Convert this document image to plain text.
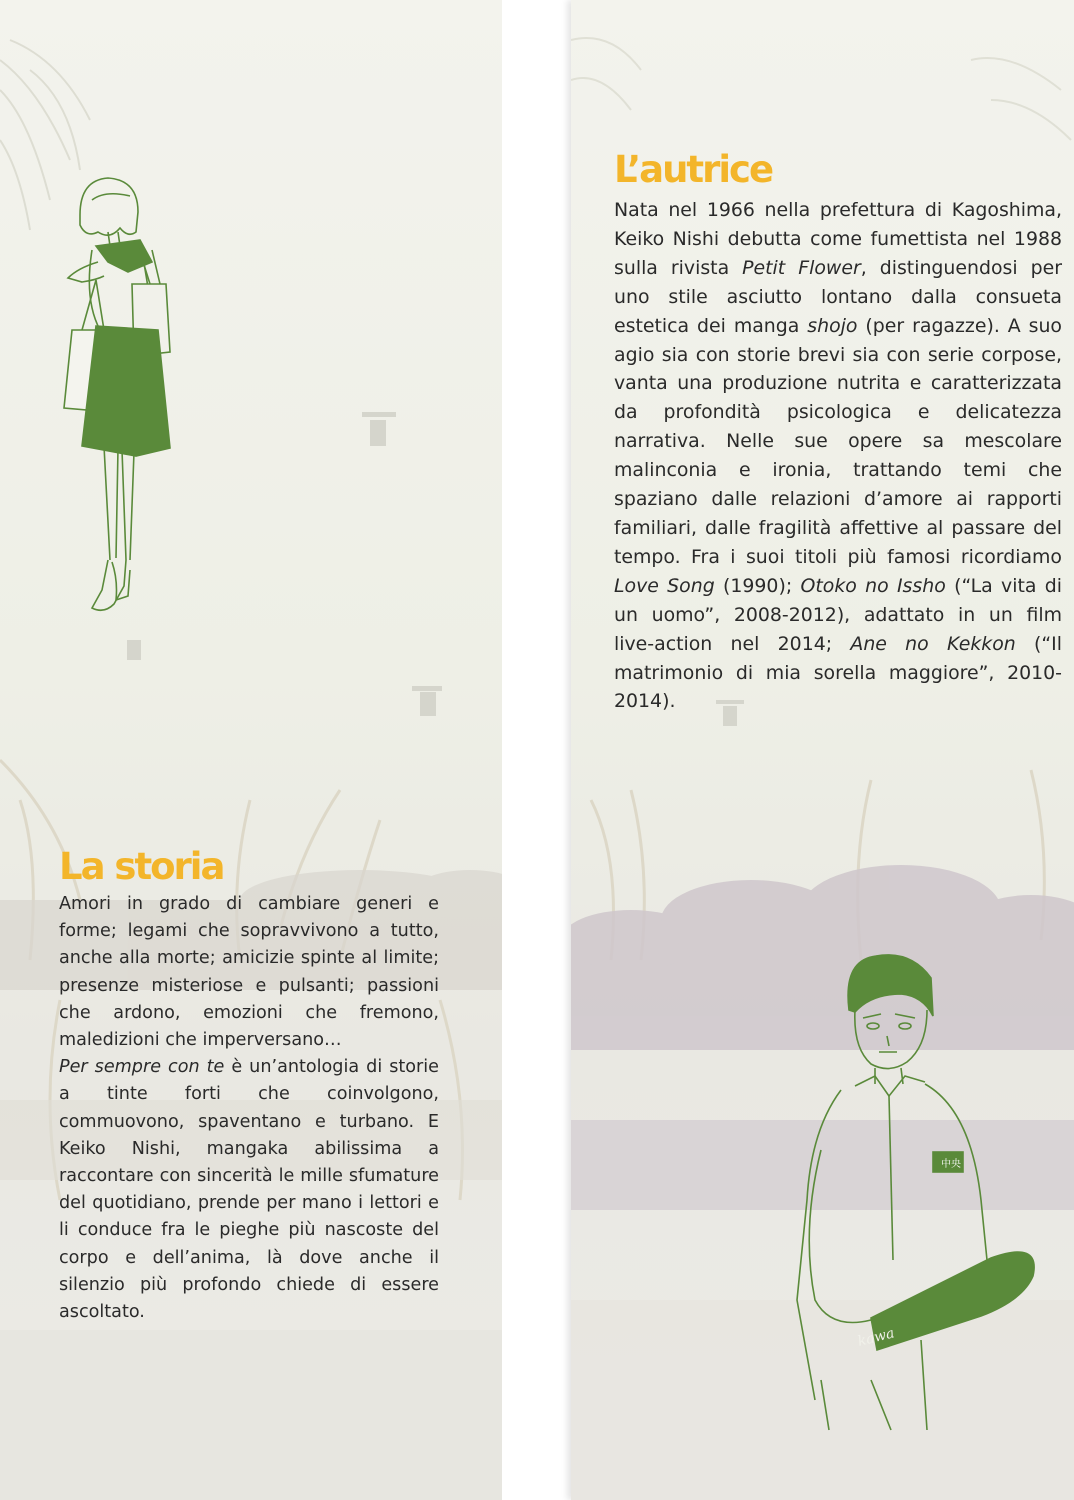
La storia

Amori in grado di cambiare generi e forme; legami che sopravvivono a tutto, anche alla morte; amicizie spinte al limite; presenze misteriose e pulsanti; passioni che ardono, emozioni che fremono, maledizioni che imperversano…

Per sempre con te è un’antologia di storie a tinte forti che coinvolgono, commuovono, spaventano e turbano. E Keiko Nishi, mangaka abilissima a raccontare con sincerità le mille sfumature del quotidiano, prende per mano i lettori e li conduce fra le pieghe più nascoste del corpo e dell’anima, là dove anche il silenzio più profondo chiede di essere ascoltato.

中央
kawa
L’autrice

Nata nel 1966 nella prefettura di Kagoshima, Keiko Nishi debutta come fumettista nel 1988 sulla rivista Petit Flower, distinguendosi per uno stile asciutto lontano dalla consueta estetica dei manga shojo (per ragazze). A suo agio sia con storie brevi sia con serie corpose, vanta una produzione nutrita e caratterizzata da profondità psicologica e delicatezza narrativa. Nelle sue opere sa mescolare malinconia e ironia, trattando temi che spaziano dalle relazioni d’amore ai rapporti familiari, dalle fragilità affettive al passare del tempo. Fra i suoi titoli più famosi ricordiamo Love Song (1990); Otoko no Issho (“La vita di un uomo”, 2008-2012), adattato in un film live-action nel 2014; Ane no Kekkon (“Il matrimonio di mia sorella maggiore”, 2010-2014).
